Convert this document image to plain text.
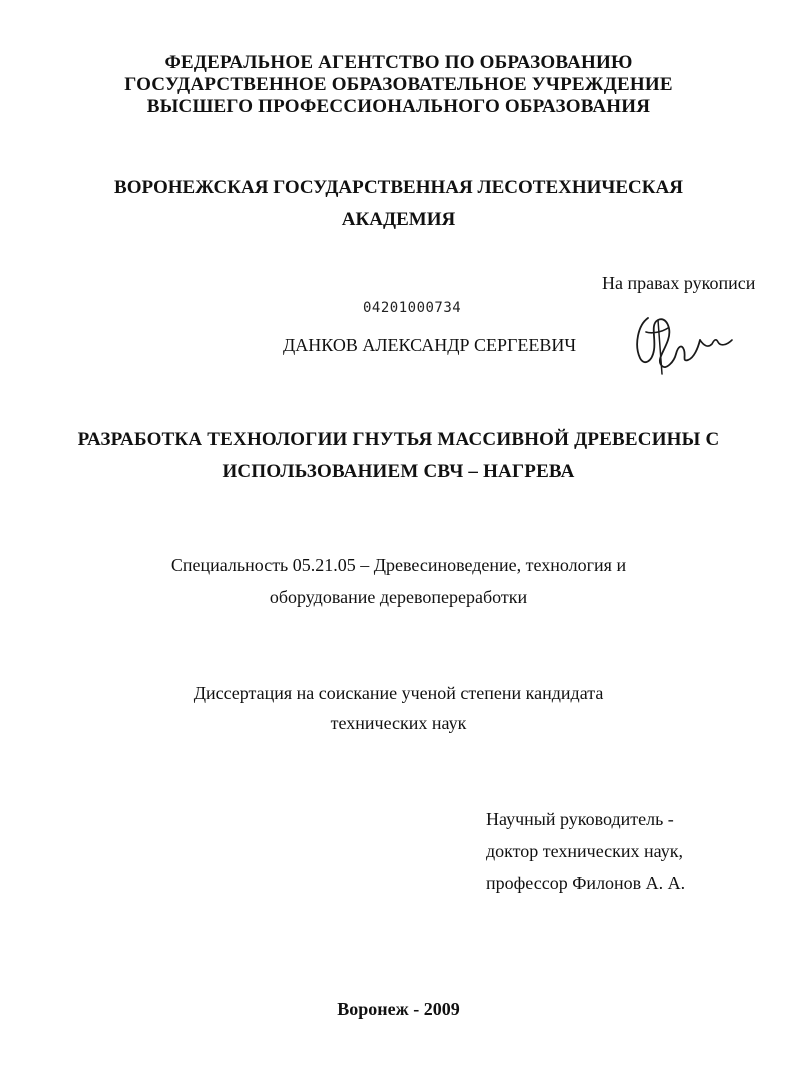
ФЕДЕРАЛЬНОЕ АГЕНТСТВО ПО ОБРАЗОВАНИЮ
ГОСУДАРСТВЕННОЕ ОБРАЗОВАТЕЛЬНОЕ УЧРЕЖДЕНИЕ
ВЫСШЕГО ПРОФЕССИОНАЛЬНОГО ОБРАЗОВАНИЯ
ВОРОНЕЖСКАЯ ГОСУДАРСТВЕННАЯ ЛЕСОТЕХНИЧЕСКАЯ
АКАДЕМИЯ
На правах рукописи
04201000734
ДАНКОВ АЛЕКСАНДР СЕРГЕЕВИЧ
РАЗРАБОТКА ТЕХНОЛОГИИ ГНУТЬЯ МАССИВНОЙ ДРЕВЕСИНЫ С
ИСПОЛЬЗОВАНИЕМ СВЧ – НАГРЕВА
Специальность 05.21.05 – Древесиноведение, технология и
оборудование деревопереработки
Диссертация на соискание ученой степени кандидата
технических наук
Научный руководитель -
доктор технических наук,
профессор Филонов А. А.
Воронеж - 2009
